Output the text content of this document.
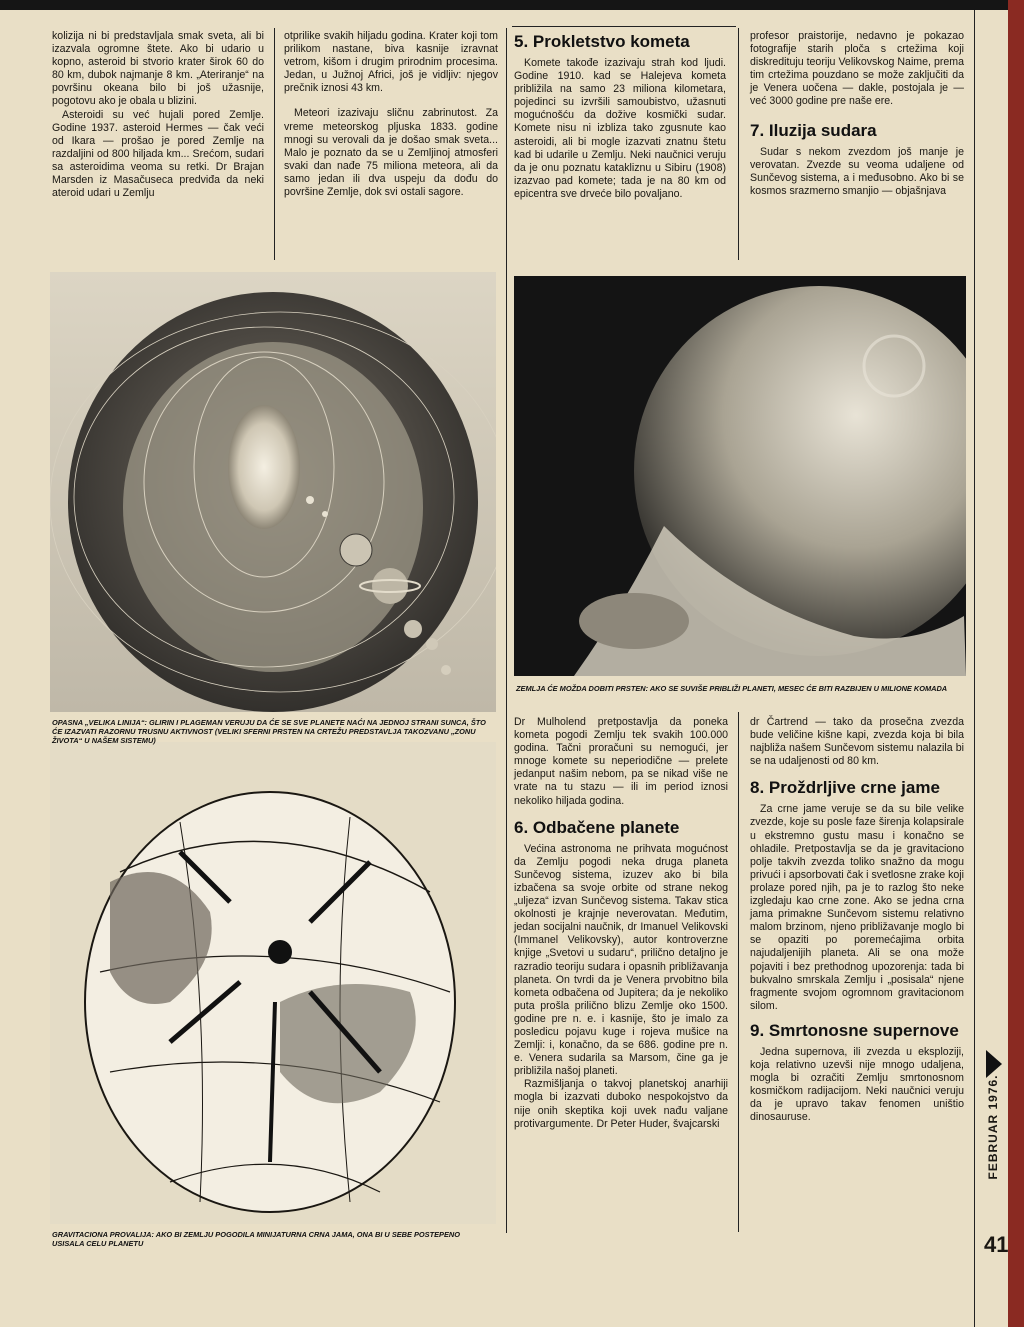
kolizija ni bi predstavljala smak sveta, ali bi izazvala ogromne štete. Ako bi udario u kopno, asteroid bi stvorio krater širok 60 do 80 km, dubok najmanje 8 km. „Ateriranje“ na površinu okeana bilo bi još užasnije, pogotovu ako je obala u blizini.

Asteroidi su već hujali pored Zemlje. Godine 1937. asteroid Hermes — čak veći od Ikara — prošao je pored Zemlje na razdaljini od 800 hiljada km... Srećom, sudari sa asteroidima veoma su retki. Dr Brajan Marsden iz Masačuseca predviđa da neki ateroid udari u Zemlju

otprilike svakih hiljadu godina. Krater koji tom prilikom nastane, biva kasnije izravnat vetrom, kišom i drugim prirodnim procesima. Jedan, u Južnoj Africi, još je vidljiv: njegov prečnik iznosi 43 km.

Meteori izazivaju sličnu zabrinutost. Za vreme meteorskog pljuska 1833. godine mnogi su verovali da je došao smak sveta... Malo je poznato da se u Zemljinoj atmosferi svaki dan nađe 75 miliona meteora, ali da samo jedan ili dva uspeju da dođu do površine Zemlje, dok svi ostali sagore.

5. Prokletstvo kometa

Komete takođe izazivaju strah kod ljudi. Godine 1910. kad se Halejeva kometa približila na samo 23 miliona kilometara, pojedinci su izvršili samoubistvo, užasnuti mogućnošću da dožive kosmički sudar. Komete nisu ni izbliza tako zgusnute kao asteroidi, ali bi mogle izazvati znatnu štetu kad bi udarile u Zemlju. Neki naučnici veruju da je onu poznatu katakliznu u Sibiru (1908) izazvao pad komete; tada je na 80 km od epicentra sve drveće bilo povaljano.

profesor praistorije, nedavno je pokazao fotografije starih ploča s crtežima koji diskredituju teoriju Velikovskog Naime, prema tim crtežima pouzdano se može zaključiti da je Venera uočena — dakle, postojala je — već 3000 godine pre naše ere.

7. Iluzija sudara

Sudar s nekom zvezdom još manje je verovatan. Zvezde su veoma udaljene od Sunčevog sistema, a i međusobno. Ako bi se kosmos srazmerno smanjio — objašnjava

OPASNA „VELIKA LINIJA“: GLIRIN I PLAGEMAN VERUJU DA ĆE SE SVE PLANETE NAĆI NA JEDNOJ STRANI SUNCA, ŠTO ĆE IZAZVATI RAZORNU TRUSNU AKTIVNOST (VELIKI SFERNI PRSTEN NA CRTEŽU PREDSTAVLJA TAKOZVANU „ZONU ŽIVOTA“ U NAŠEM SISTEMU)
ZEMLJA ĆE MOŽDA DOBITI PRSTEN: AKO SE SUVIŠE PRIBLIŽI PLANETI, MESEC ĆE BITI RAZBIJEN U MILIONE KOMADA
GRAVITACIONA PROVALIJA: AKO BI ZEMLJU POGODILA MINIJATURNA CRNA JAMA, ONA BI U SEBE POSTEPENO USISALA CELU PLANETU

Dr Mulholend pretpostavlja da poneka kometa pogodi Zemlju tek svakih 100.000 godina. Tačni proračuni su nemogući, jer mnoge komete su neperiodične — prelete jedanput našim nebom, pa se nikad više ne vrate na tu stazu — ili im period iznosi nekoliko hiljada godina.

6. Odbačene planete

Većina astronoma ne prihvata mogućnost da Zemlju pogodi neka druga planeta Sunčevog sistema, izuzev ako bi bila izbačena sa svoje orbite od strane nekog „uljeza“ izvan Sunčevog sistema. Takav stica okolnosti je krajnje neverovatan. Međutim, jedan socijalni naučnik, dr Imanuel Velikovski (Immanel Velikovsky), autor kontroverzne knjige „Svetovi u sudaru“, prilično detaljno je razradio teoriju sudara i opasnih približavanja planeta. On tvrdi da je Venera prvobitno bila kometa odbačena od Jupitera; da je nekoliko puta prošla prilično blizu Zemlje oko 1500. godine pre n. e. i kasnije, što je imalo za posledicu pojavu kuge i rojeva mušice na Zemlji: i, konačno, da se 686. godine pre n. e. Venera sudarila sa Marsom, čine ga je približila našoj planeti.

Razmišljanja o takvoj planetskoj anarhiji mogla bi izazvati duboko nespokojstvo da nije onih skeptika koji uvek nađu valjane protivargumente. Dr Peter Huder, švajcarski

dr Čartrend — tako da prosečna zvezda bude veličine kišne kapi, zvezda koja bi bila najbliža našem Sunčevom sistemu nalazila bi se na udaljenosti od 80 km.

8. Proždrljive crne jame

Za crne jame veruje se da su bile velike zvezde, koje su posle faze širenja kolapsirale u ekstremno gustu masu i konačno se ohladile. Pretpostavlja se da je gravitaciono polje takvih zvezda toliko snažno da mogu privući i apsorbovati čak i svetlosne zrake koji prolaze pored njih, pa je to razlog što neke izgledaju kao crne zone. Ako se jedna crna jama primakne Sunčevom sistemu relativno malom brzinom, njeno približavanje moglo bi se opaziti po poremećajima orbita najudaljenijih planeta. Ali se ona može pojaviti i bez prethodnog upozorenja: tada bi bukvalno smrskala Zemlju i „posisala“ njene fragmente svojom ogromnom gravitacionom silom.

9. Smrtonosne supernove

Jedna supernova, ili zvezda u eksploziji, koja relativno uzevši nije mnogo udaljena, mogla bi ozračiti Zemlju smrtonosnom kosmičkom radijacijom. Neki naučnici veruju da je upravo takav fenomen uništio dinosauruse.	FEBRUAR 1976.
41
